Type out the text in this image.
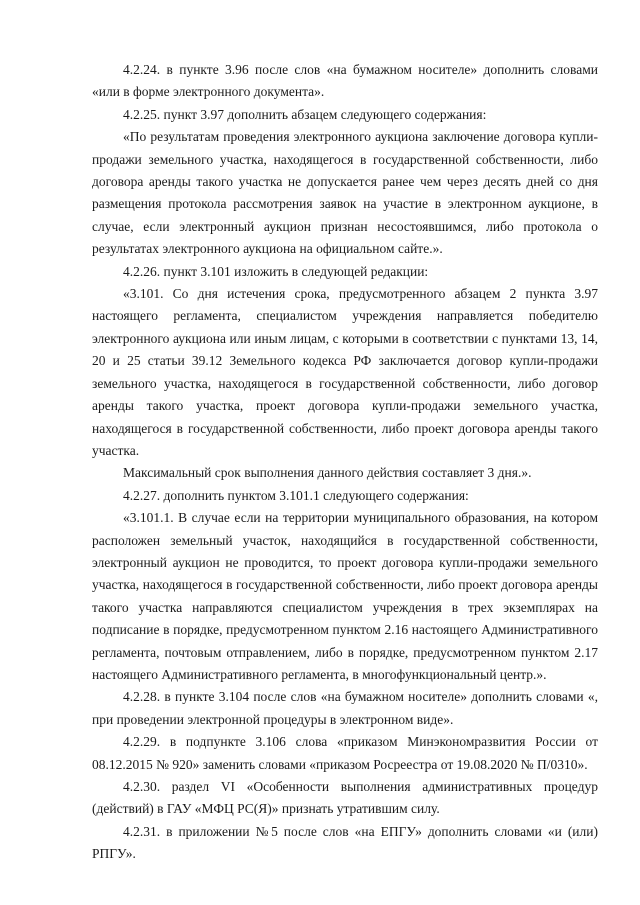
4.2.24. в пункте 3.96 после слов «на бумажном носителе» дополнить словами «или в форме электронного документа».

4.2.25. пункт 3.97 дополнить абзацем следующего содержания:

«По результатам проведения электронного аукциона заключение договора купли-продажи земельного участка, находящегося в государственной собственности, либо договора аренды такого участка не допускается ранее чем через десять дней со дня размещения протокола рассмотрения заявок на участие в электронном аукционе, в случае, если электронный аукцион признан несостоявшимся, либо протокола о результатах электронного аукциона на официальном сайте.».

4.2.26. пункт 3.101 изложить в следующей редакции:

«3.101. Со дня истечения срока, предусмотренного абзацем 2 пункта 3.97 настоящего регламента, специалистом учреждения направляется победителю электронного аукциона или иным лицам, с которыми в соответствии с пунктами 13, 14, 20 и 25 статьи 39.12 Земельного кодекса РФ заключается договор купли-продажи земельного участка, находящегося в государственной собственности, либо договор аренды такого участка, проект договора купли-продажи земельного участка, находящегося в государственной собственности, либо проект договора аренды такого участка.

Максимальный срок выполнения данного действия составляет 3 дня.».

4.2.27. дополнить пунктом 3.101.1 следующего содержания:

«3.101.1. В случае если на территории муниципального образования, на котором расположен земельный участок, находящийся в государственной собственности, электронный аукцион не проводится, то проект договора купли-продажи земельного участка, находящегося в государственной собственности, либо проект договора аренды такого участка направляются специалистом учреждения в трех экземплярах на подписание в порядке, предусмотренном пунктом 2.16 настоящего Административного регламента, почтовым отправлением, либо в порядке, предусмотренном пунктом 2.17 настоящего Административного регламента, в многофункциональный центр.».

4.2.28. в пункте 3.104 после слов «на бумажном носителе» дополнить словами «, при проведении электронной процедуры в электронном виде».

4.2.29. в подпункте 3.106 слова «приказом Минэкономразвития России от 08.12.2015 № 920» заменить словами «приказом Росреестра от 19.08.2020 № П/0310».

4.2.30. раздел VI «Особенности выполнения административных процедур (действий) в ГАУ «МФЦ РС(Я)» признать утратившим силу.

4.2.31. в приложении №5 после слов «на ЕПГУ» дополнить словами «и (или) РПГУ».
